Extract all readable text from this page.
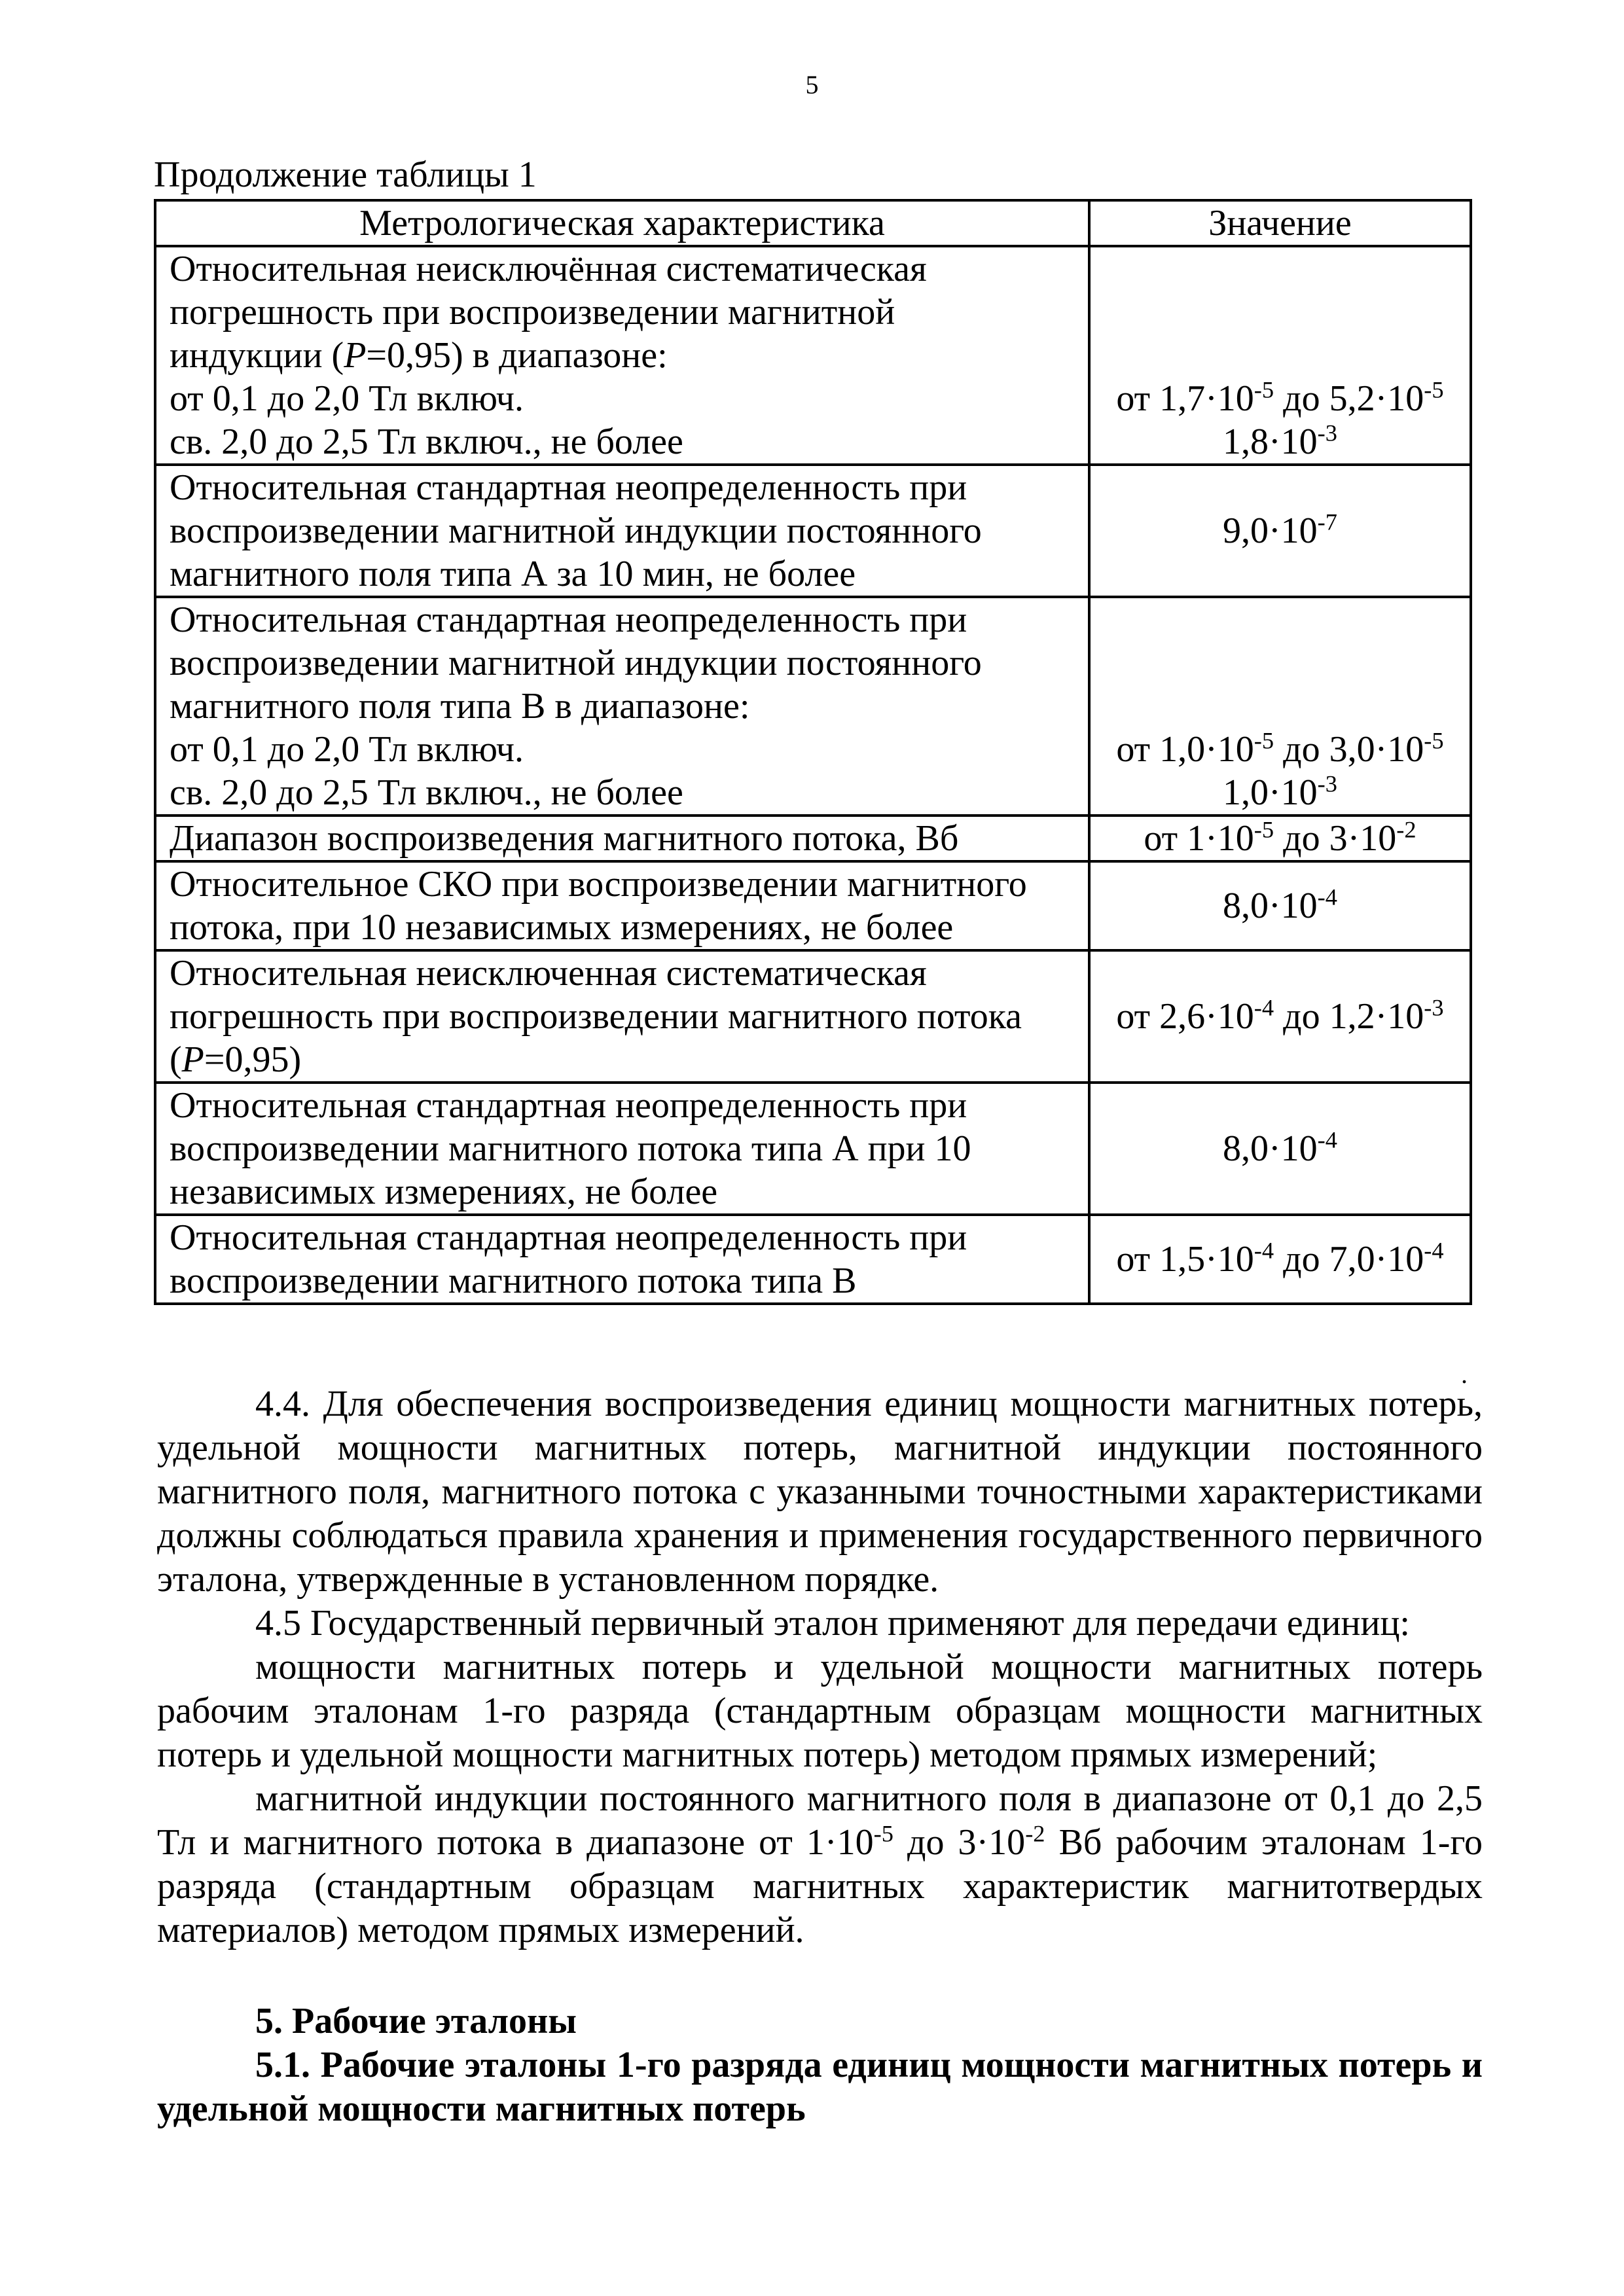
5
Продолжение таблицы 1
Метрологическая характеристика	Значение

Относительная неисключённая систематическая
погрешность при воспроизведении магнитной
индукции (P=0,95) в диапазоне:
от 0,1 до 2,0 Тл включ.
св. 2,0 до 2,5 Тл включ., не более	от $1,7\cdot 10^{-5}$ до $5,2\cdot 10^{-5}$
$1,8\cdot 10^{-3}$

Относительная стандартная неопределенность при
воспроизведении магнитной индукции постоянного
магнитного поля типа А за 10 мин, не более	$9,0\cdot 10^{-7}$

Относительная стандартная неопределенность при
воспроизведении магнитной индукции постоянного
магнитного поля типа В в диапазоне:
от 0,1 до 2,0 Тл включ.
св. 2,0 до 2,5 Тл включ., не более	от $1,0\cdot 10^{-5}$ до $3,0\cdot 10^{-5}$
$1,0\cdot 10^{-3}$

Диапазон воспроизведения магнитного потока, Вб	от $1\cdot 10^{-5}$ до $3\cdot 10^{-2}$

Относительное СКО при воспроизведении магнитного
потока, при 10 независимых измерениях, не более	$8,0\cdot 10^{-4}$

Относительная неисключенная систематическая
погрешность при воспроизведении магнитного потока
(P=0,95)	от $2,6\cdot 10^{-4}$ до $1,2\cdot 10^{-3}$

Относительная стандартная неопределенность при
воспроизведении магнитного потока типа А при 10
независимых измерениях, не более	$8,0\cdot 10^{-4}$

Относительная стандартная неопределенность при
воспроизведении магнитного потока типа В	от $1,5\cdot 10^{-4}$ до $7,0\cdot 10^{-4}$
.

4.4. Для обеспечения воспроизведения единиц мощности магнитных потерь, удельной мощности магнитных потерь, магнитной индукции постоянного магнитного поля, магнитного потока с указанными точностными характеристиками должны соблюдаться правила хранения и применения государственного первичного эталона, утвержденные в установленном порядке.

4.5 Государственный первичный эталон применяют для передачи единиц:

мощности магнитных потерь и удельной мощности магнитных потерь рабочим эталонам 1-го разряда (стандартным образцам мощности магнитных потерь и удельной мощности магнитных потерь) методом прямых измерений;

магнитной индукции постоянного магнитного поля в диапазоне от 0,1 до 2,5 Тл и магнитного потока в диапазоне от $1\cdot 10^{-5}$ до $3\cdot 10^{-2}$ Вб рабочим эталонам 1-го разряда (стандартным образцам магнитных характеристик магнитотвердых материалов) методом прямых измерений.

5. Рабочие эталоны

5.1. Рабочие эталоны 1-го разряда единиц мощности магнитных потерь и удельной мощности магнитных потерь
